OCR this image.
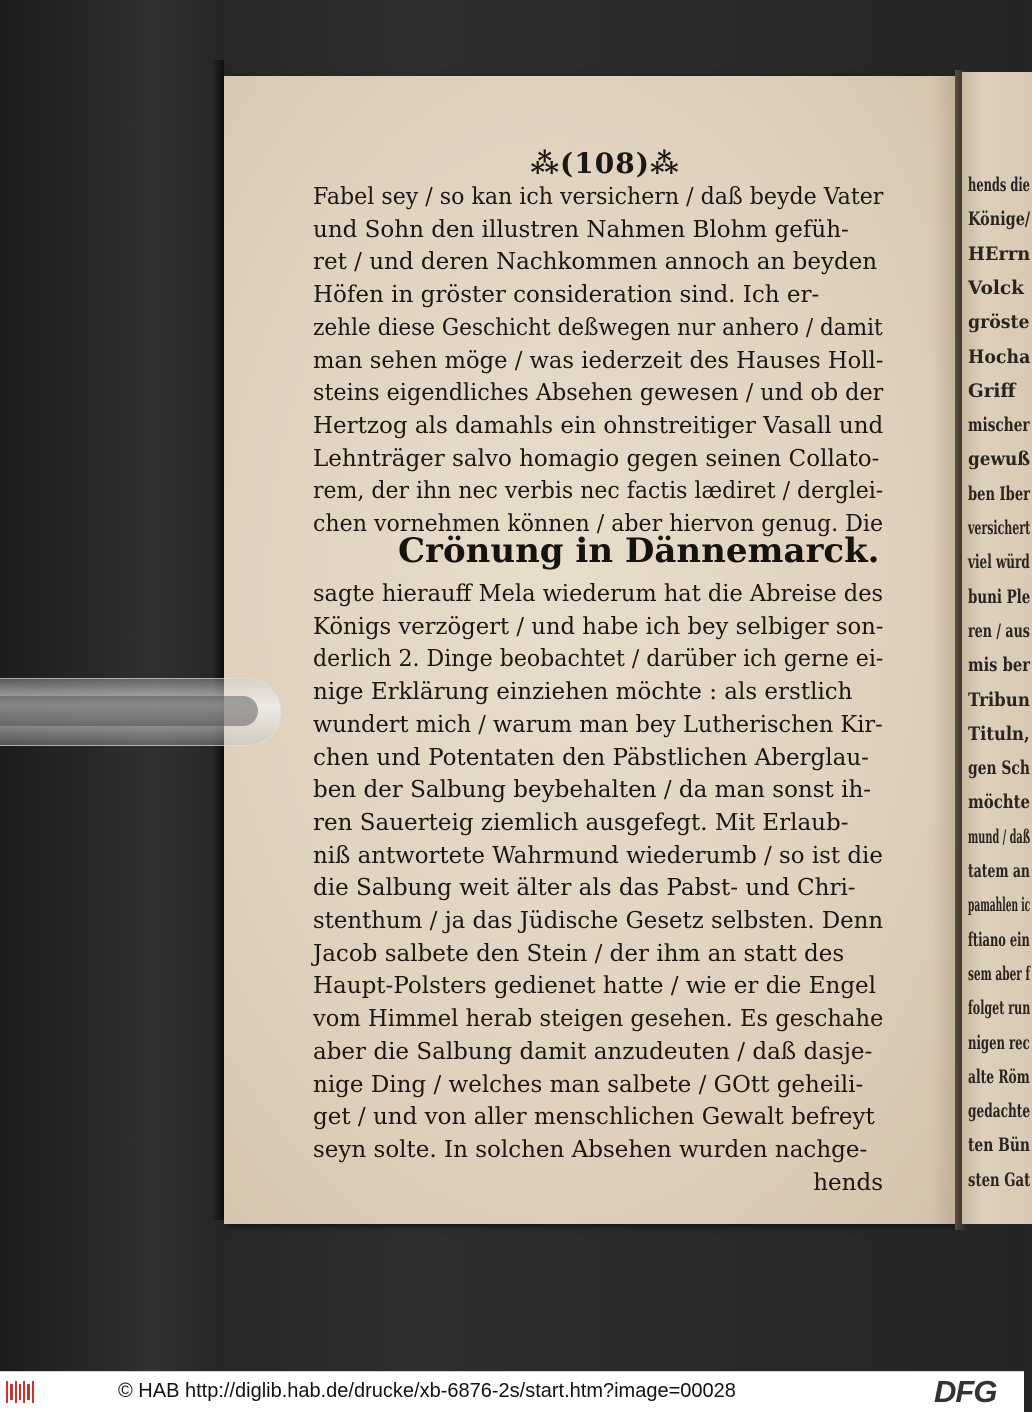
hends die
Könige/
HErrn
Volck
gröste
Hocha
Griff
mischer
gewuß
ben Iber
versichert
viel würd
buni Ple
ren / aus
mis ber
Tribun
Tituln,
gen Sch
möchte
mund / daß
tatem an
pamahlen ic
ftiano ein
sem aber f
folget run
nigen rec
alte Röm
gedachte
ten Bün
sten Gat
⁂(108)⁂
Crönung in Dännemarck.
hends
Fabel sey / so kan ich versichern / daß beyde Vater
und Sohn den illustren Nahmen Blohm gefüh-
ret / und deren Nachkommen annoch an beyden
Höfen in gröster consideration sind. Ich er-
zehle diese Geschicht deßwegen nur anhero / damit
man sehen möge / was iederzeit des Hauses Holl-
steins eigendliches Absehen gewesen / und ob der
Hertzog als damahls ein ohnstreitiger Vasall und
Lehnträger salvo homagio gegen seinen Collato-
rem, der ihn nec verbis nec factis lædiret / derglei-
chen vornehmen können / aber hiervon genug. Die
sagte hierauff Mela wiederum hat die Abreise des
Königs verzögert / und habe ich bey selbiger son-
derlich 2. Dinge beobachtet / darüber ich gerne ei-
nige Erklärung einziehen möchte : als erstlich
wundert mich / warum man bey Lutherischen Kir-
chen und Potentaten den Päbstlichen Aberglau-
ben der Salbung beybehalten / da man sonst ih-
ren Sauerteig ziemlich ausgefegt. Mit Erlaub-
niß antwortete Wahrmund wiederumb / so ist die
die Salbung weit älter als das Pabst- und Chri-
stenthum / ja das Jüdische Gesetz selbsten. Denn
Jacob salbete den Stein / der ihm an statt des
Haupt-Polsters gedienet hatte / wie er die Engel
vom Himmel herab steigen gesehen. Es geschahe
aber die Salbung damit anzudeuten / daß dasje-
nige Ding / welches man salbete / GOtt geheili-
get / und von aller menschlichen Gewalt befreyt
seyn solte. In solchen Absehen wurden nachge-
© HAB http://diglib.hab.de/drucke/xb-6876-2s/start.htm?image=00028	DFG
